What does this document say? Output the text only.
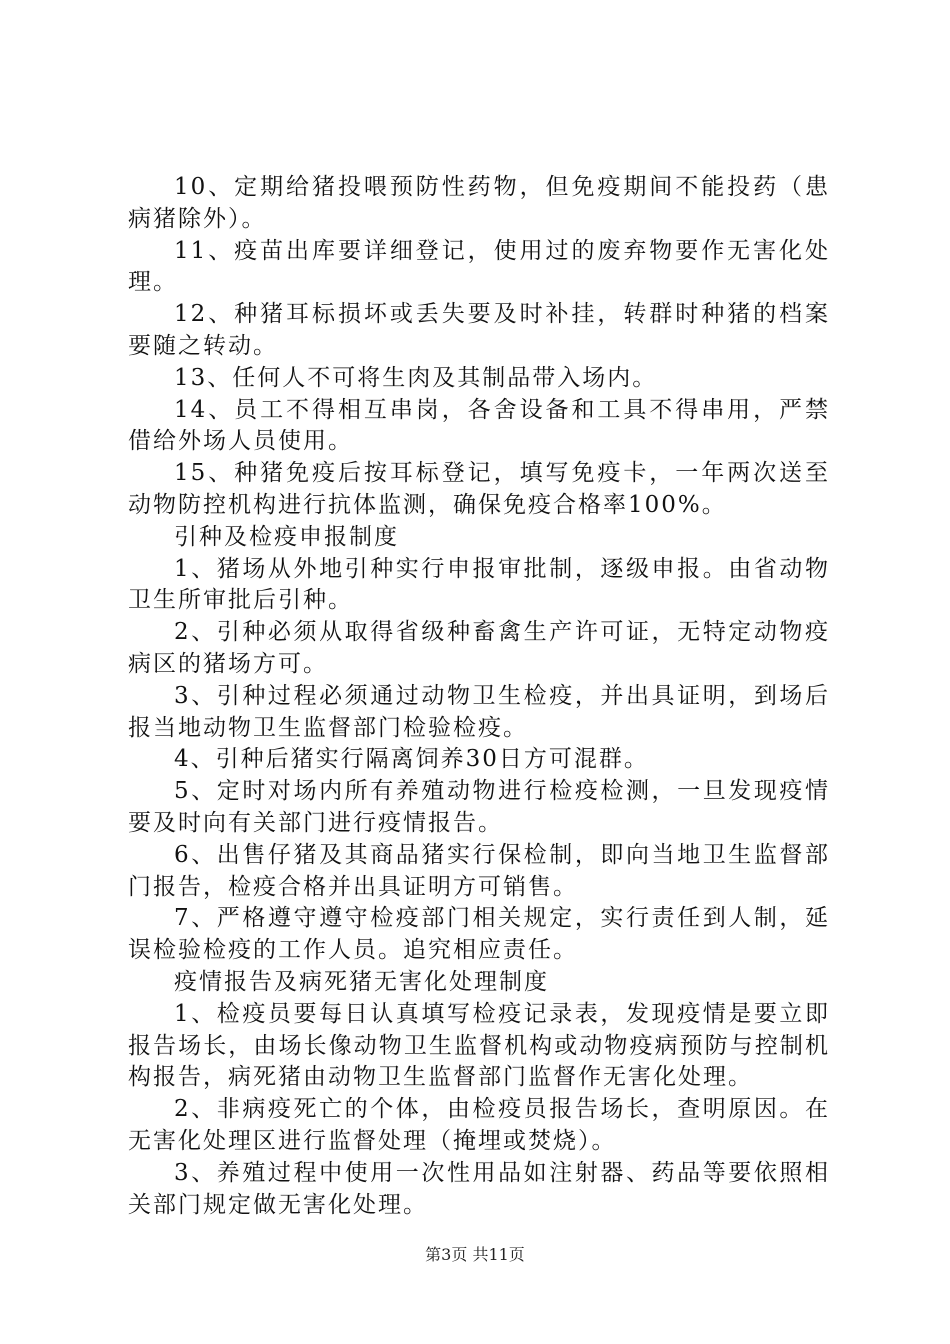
10、定期给猪投喂预防性药物，但免疫期间不能投药（患病猪除外）。

11、疫苗出库要详细登记，使用过的废弃物要作无害化处理。

12、种猪耳标损坏或丢失要及时补挂，转群时种猪的档案要随之转动。

13、任何人不可将生肉及其制品带入场内。

14、员工不得相互串岗，各舍设备和工具不得串用，严禁借给外场人员使用。

15、种猪免疫后按耳标登记，填写免疫卡，一年两次送至动物防控机构进行抗体监测，确保免疫合格率100%。

引种及检疫申报制度

1、猪场从外地引种实行申报审批制，逐级申报。由省动物卫生所审批后引种。

2、引种必须从取得省级种畜禽生产许可证，无特定动物疫病区的猪场方可。

3、引种过程必须通过动物卫生检疫，并出具证明，到场后报当地动物卫生监督部门检验检疫。

4、引种后猪实行隔离饲养30日方可混群。

5、定时对场内所有养殖动物进行检疫检测，一旦发现疫情要及时向有关部门进行疫情报告。

6、出售仔猪及其商品猪实行保检制，即向当地卫生监督部门报告，检疫合格并出具证明方可销售。

7、严格遵守遵守检疫部门相关规定，实行责任到人制，延误检验检疫的工作人员。追究相应责任。

疫情报告及病死猪无害化处理制度

1、检疫员要每日认真填写检疫记录表，发现疫情是要立即报告场长，由场长像动物卫生监督机构或动物疫病预防与控制机构报告，病死猪由动物卫生监督部门监督作无害化处理。

2、非病疫死亡的个体，由检疫员报告场长，查明原因。在无害化处理区进行监督处理（掩埋或焚烧）。

3、养殖过程中使用一次性用品如注射器、药品等要依照相关部门规定做无害化处理。

第3页 共11页
